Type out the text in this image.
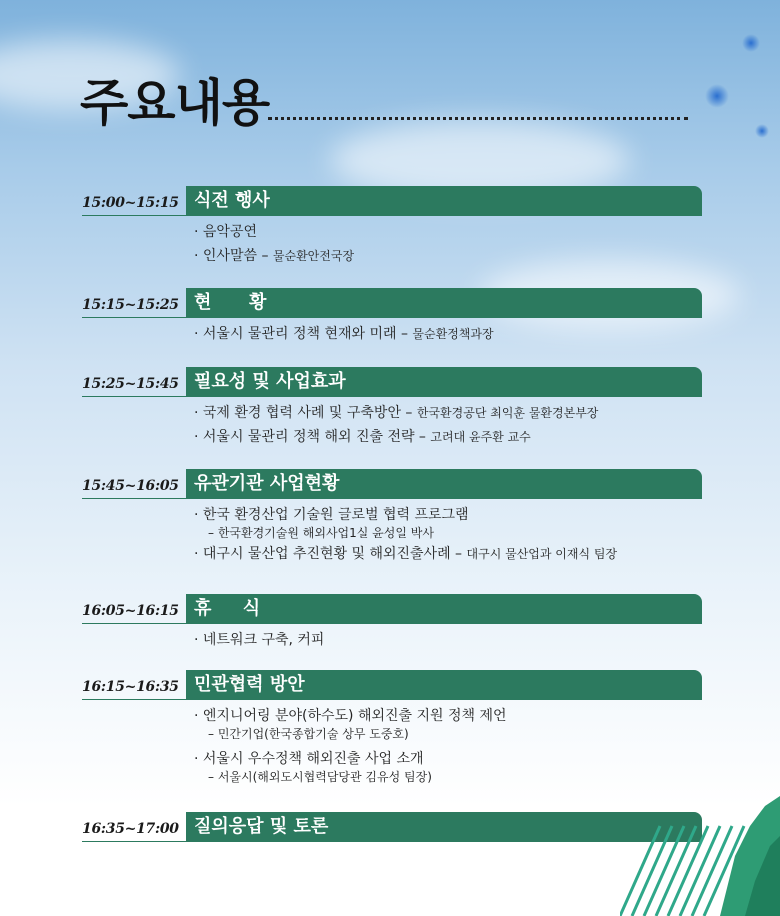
주요내용
15:00~15:15 식전 행사
· 음악공연
· 인사말씀 – 물순환안전국장
15:15~15:25 현      황
· 서울시 물관리 정책 현재와 미래 – 물순환정책과장
15:25~15:45 필요성 및 사업효과
· 국제 환경 협력 사례 및 구축방안 – 한국환경공단 최익훈 물환경본부장
· 서울시 물관리 정책 해외 진출 전략 – 고려대 윤주환 교수
15:45~16:05 유관기관 사업현황
· 한국 환경산업 기술원 글로벌 협력 프로그램
– 한국환경기술원 해외사업1실 윤성일 박사
· 대구시 물산업 추진현황 및 해외진출사례 – 대구시 물산업과 이재식 팀장
16:05~16:15 휴     식
· 네트워크 구축, 커피
16:15~16:35 민관협력 방안
· 엔지니어링 분야(하수도) 해외진출 지원 정책 제언
– 민간기업(한국종합기술 상무 도중호)
· 서울시 우수정책 해외진출 사업 소개
– 서울시(해외도시협력담당관 김유성 팀장)
16:35~17:00 질의응답 및 토론
